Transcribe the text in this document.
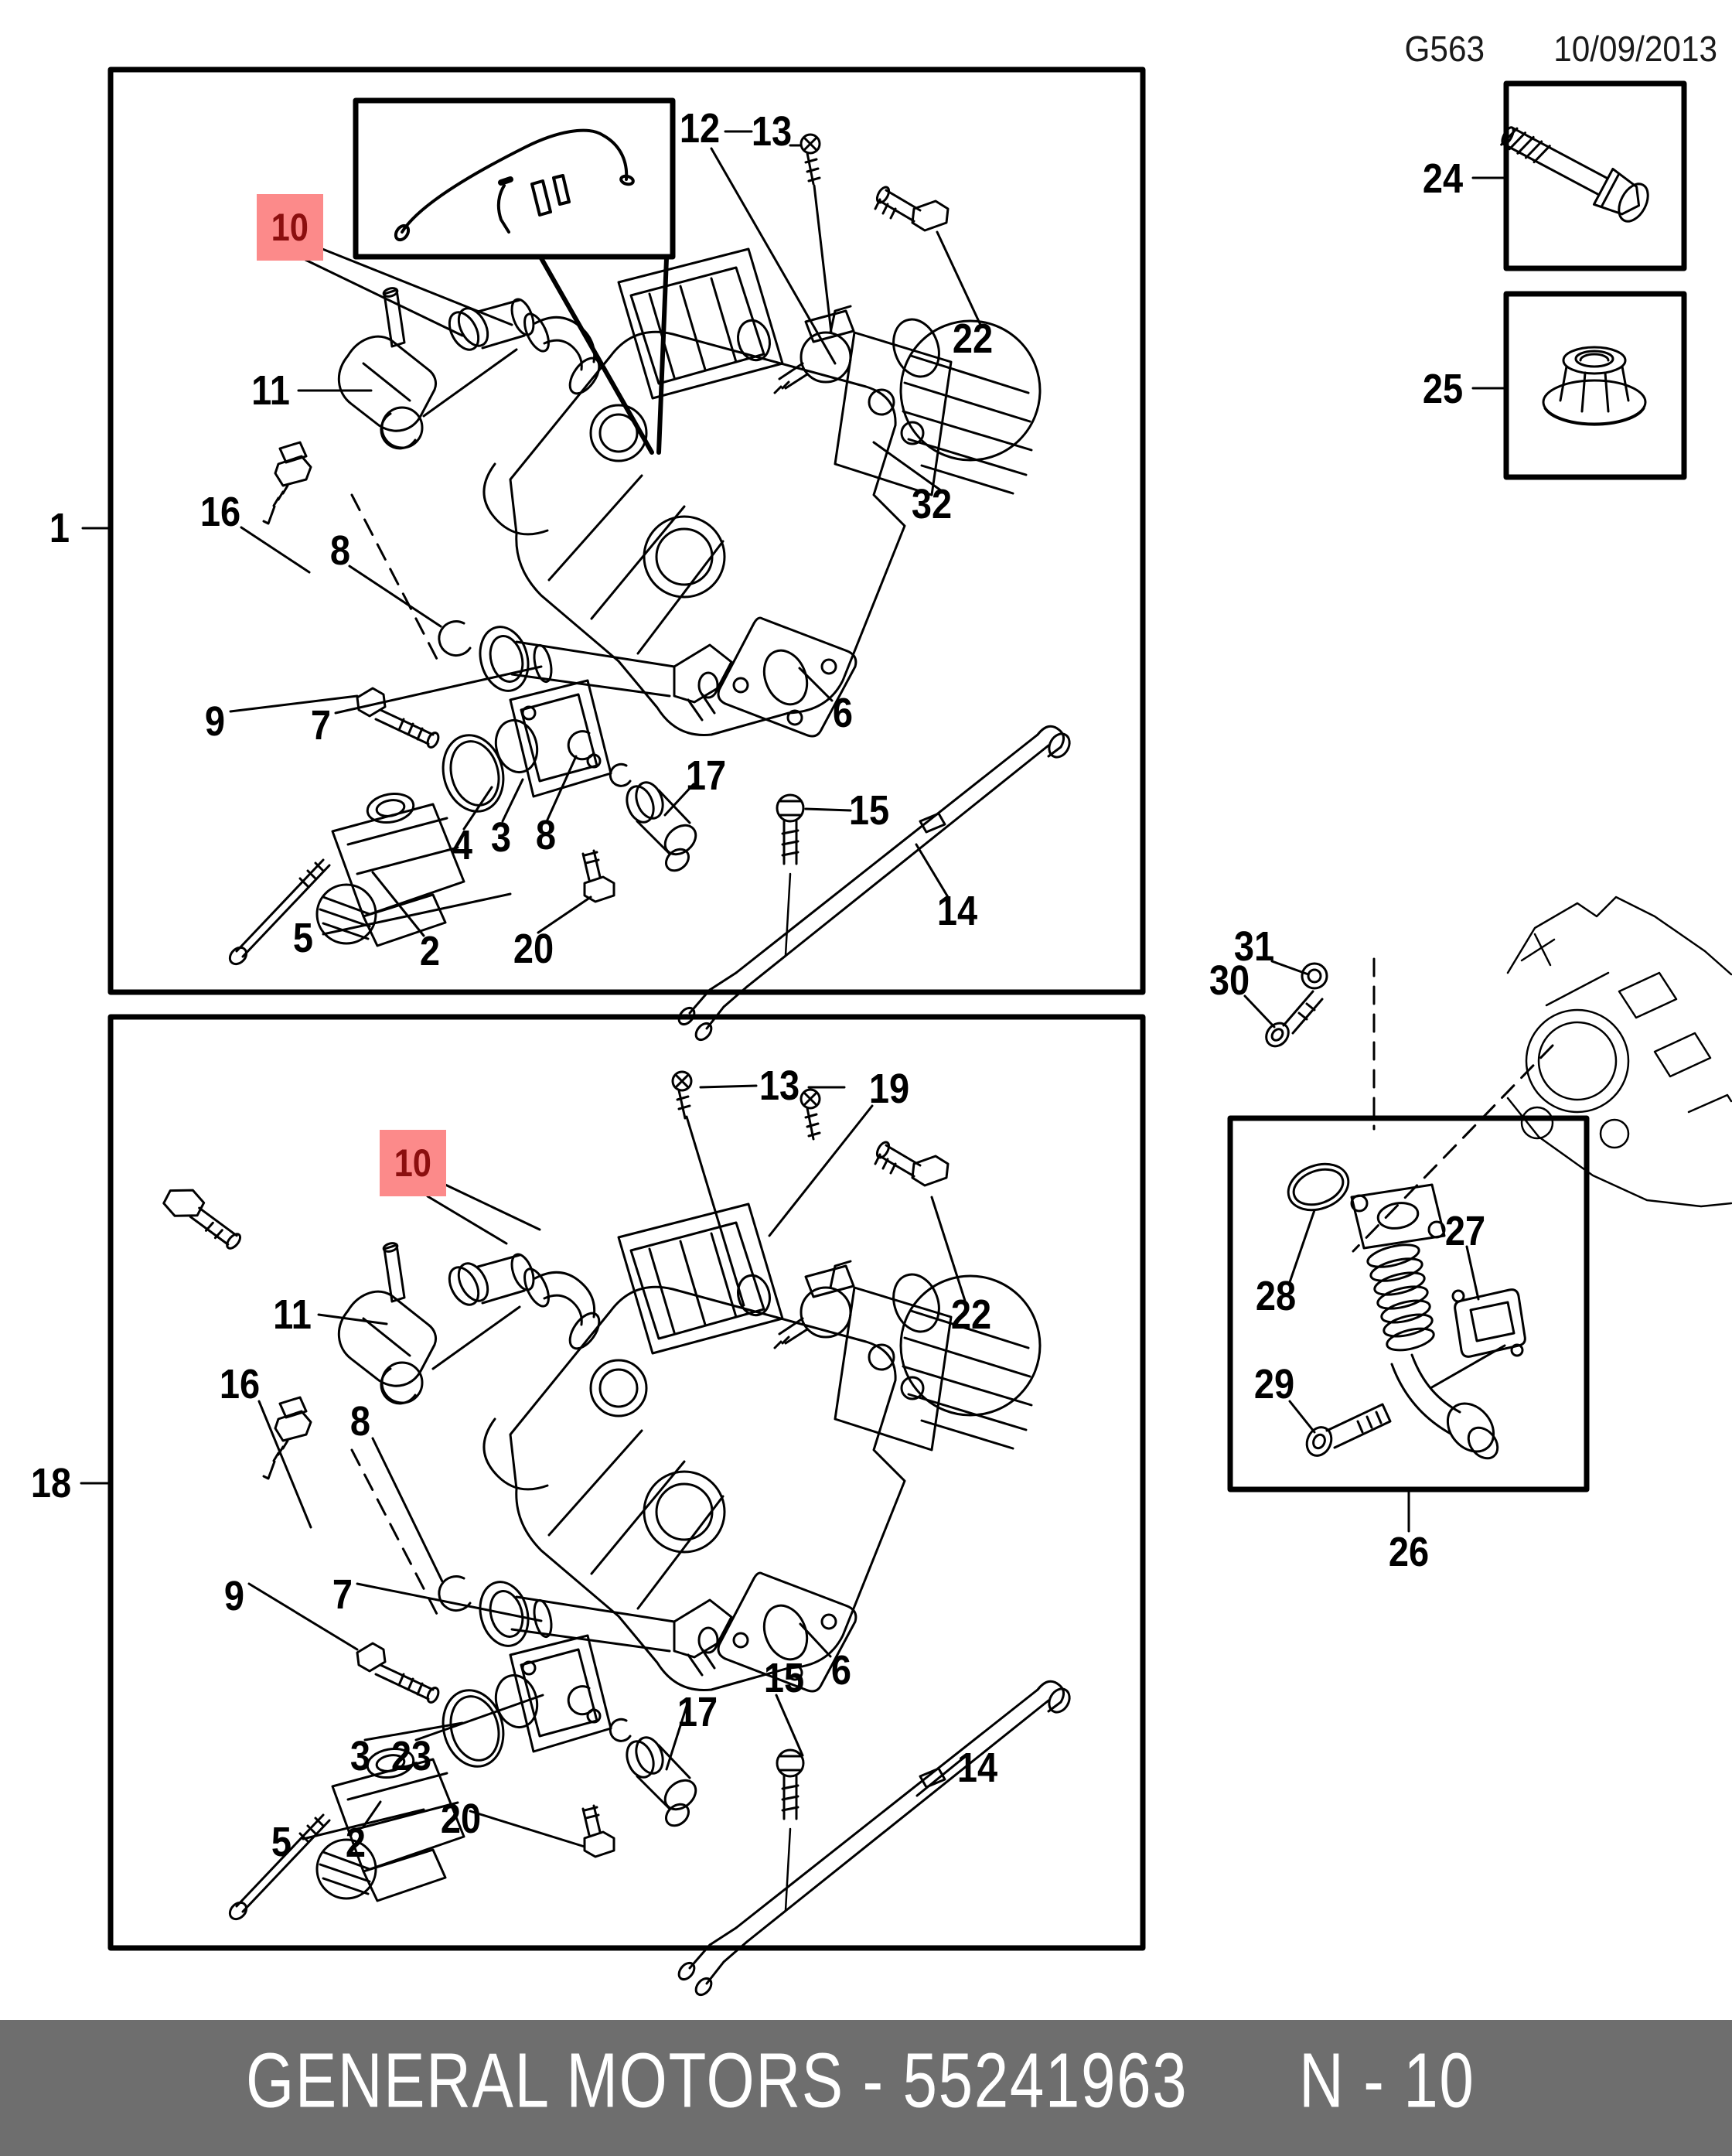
G563 10/09/2013
1
12 13
22
32
10
11
16
8
9 7
4 3 8
17
15
14
6
5	2 20
24
25
18
13 19
10
22
11
16
8
9 7
6
17
15
14
3 23
20
5 2
31
30
28
29
27
26
GENERAL MOTORS - 55241963 N - 10
